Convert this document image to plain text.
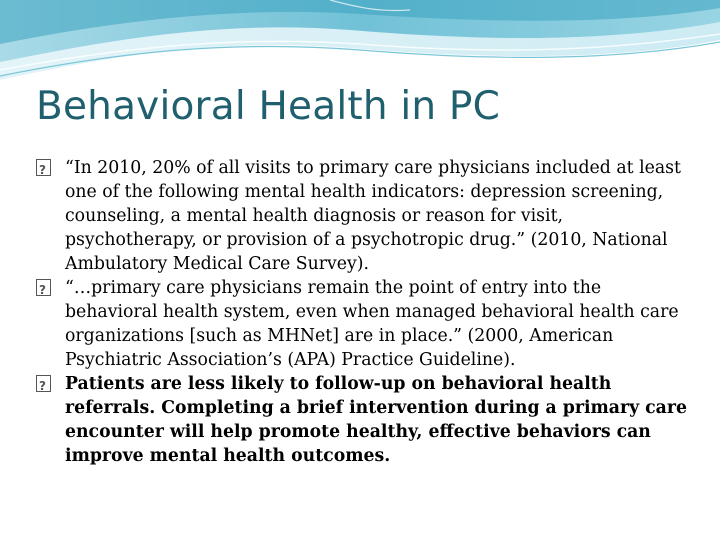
Behavioral Health in PC
?
“In 2010, 20% of all visits to primary care physicians included at least one of the following mental health indicators: depression screening, counseling, a mental health diagnosis or reason for visit, psychotherapy, or provision of a psychotropic drug.” (2010, National Ambulatory Medical Care Survey).
?
“…primary care physicians remain the point of entry into the behavioral health system, even when managed behavioral health care organizations [such as MHNet] are in place.” (2000, American Psychiatric Association’s (APA) Practice Guideline).
?
Patients are less likely to follow-up on behavioral health referrals. Completing a brief intervention during a primary care encounter will help promote healthy, effective behaviors can improve mental health outcomes.
